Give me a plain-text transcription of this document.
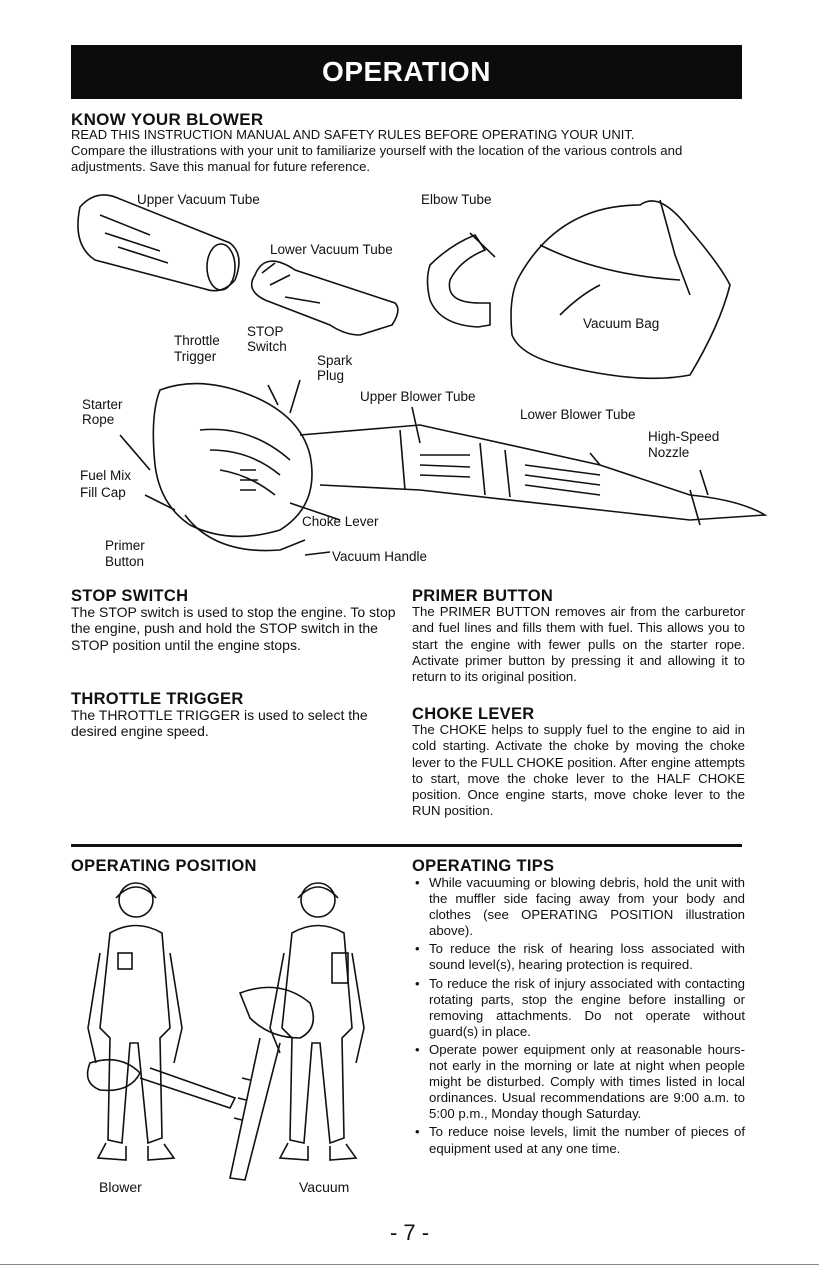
OPERATION
KNOW YOUR BLOWER
READ THIS INSTRUCTION MANUAL AND SAFETY RULES BEFORE OPERATING YOUR UNIT.
Compare the illustrations with your unit to familiarize yourself with the location of the various controls and adjustments. Save this manual for future reference.
Upper Vacuum Tube	Elbow Tube
Lower Vacuum Tube
Vacuum Bag
STOP
Switch
Throttle
Trigger	Spark
Plug
Starter
Rope
Upper Blower Tube
Lower Blower Tube
High-Speed
Nozzle
Fuel Mix
Fill Cap
Choke Lever
Primer
Button	Vacuum Handle
STOP SWITCH
The STOP switch is used to stop the engine. To stop the engine, push and hold the STOP switch in the STOP position until the engine stops.
THROTTLE TRIGGER
The THROTTLE TRIGGER is used to select the desired engine speed.
PRIMER BUTTON
The PRIMER BUTTON removes air from the carburetor and fuel lines and fills them with fuel. This allows you to start the engine with fewer pulls on the starter rope. Activate primer button by pressing it and allowing it to return to its original position.
CHOKE LEVER
The CHOKE helps to supply fuel to the engine to aid in cold starting. Activate the choke by moving the choke lever to the FULL CHOKE position. After engine attempts to start, move the choke lever to the HALF CHOKE position. Once engine starts, move choke lever to the RUN position.
OPERATING POSITION
Blower	Vacuum
OPERATING TIPS
• While vacuuming or blowing debris, hold the unit with the muffler side facing away from your body and clothes (see OPERATING POSITION illustration above).
• To reduce the risk of hearing loss associated with sound level(s), hearing protection is required.
• To reduce the risk of injury associated with contacting rotating parts, stop the engine before installing or removing attachments. Do not operate without guard(s) in place.
• Operate power equipment only at reasonable hours-not early in the morning or late at night when people might be disturbed. Comply with times listed in local ordinances. Usual recommendations are 9:00 a.m. to 5:00 p.m., Monday though Saturday.
• To reduce noise levels, limit the number of pieces of equipment used at any one time.
- 7 -
